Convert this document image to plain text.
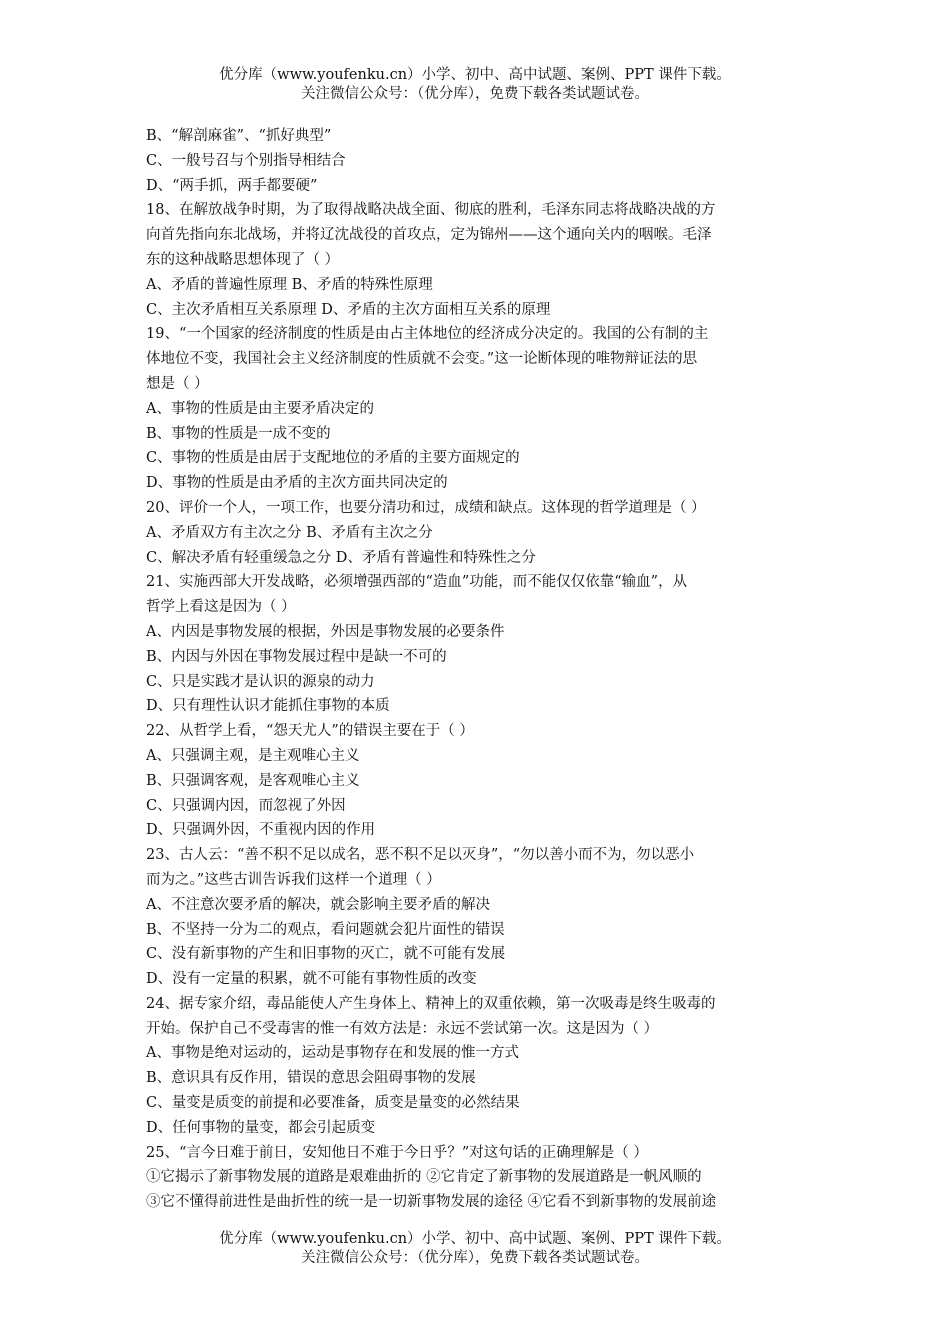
优分库（www.youfenku.cn）小学、初中、高中试题、案例、PPT 课件下载。
关注微信公众号：（优分库），免费下载各类试题试卷。
B、“解剖麻雀”、“抓好典型”
C、一般号召与个别指导相结合
D、“两手抓，两手都要硬”
18、在解放战争时期，为了取得战略决战全面、彻底的胜利，毛泽东同志将战略决战的方
向首先指向东北战场，并将辽沈战役的首攻点，定为锦州——这个通向关内的咽喉。毛泽
东的这种战略思想体现了（ ）
A、矛盾的普遍性原理 B、矛盾的特殊性原理
C、主次矛盾相互关系原理 D、矛盾的主次方面相互关系的原理
19、“一个国家的经济制度的性质是由占主体地位的经济成分决定的。我国的公有制的主
体地位不变，我国社会主义经济制度的性质就不会变。”这一论断体现的唯物辩证法的思
想是（ ）
A、事物的性质是由主要矛盾决定的
B、事物的性质是一成不变的
C、事物的性质是由居于支配地位的矛盾的主要方面规定的
D、事物的性质是由矛盾的主次方面共同决定的
20、评价一个人，一项工作，也要分清功和过，成绩和缺点。这体现的哲学道理是（ ）
A、矛盾双方有主次之分 B、矛盾有主次之分
C、解决矛盾有轻重缓急之分 D、矛盾有普遍性和特殊性之分
21、实施西部大开发战略，必须增强西部的“造血”功能，而不能仅仅依靠“输血”，从
哲学上看这是因为（ ）
A、内因是事物发展的根据，外因是事物发展的必要条件
B、内因与外因在事物发展过程中是缺一不可的
C、只是实践才是认识的源泉的动力
D、只有理性认识才能抓住事物的本质
22、从哲学上看，“怨天尤人”的错误主要在于（ ）
A、只强调主观，是主观唯心主义
B、只强调客观，是客观唯心主义
C、只强调内因，而忽视了外因
D、只强调外因，不重视内因的作用
23、古人云：“善不积不足以成名，恶不积不足以灭身”，“勿以善小而不为，勿以恶小
而为之。”这些古训告诉我们这样一个道理（ ）
A、不注意次要矛盾的解决，就会影响主要矛盾的解决
B、不坚持一分为二的观点，看问题就会犯片面性的错误
C、没有新事物的产生和旧事物的灭亡，就不可能有发展
D、没有一定量的积累，就不可能有事物性质的改变
24、据专家介绍，毒品能使人产生身体上、精神上的双重依赖，第一次吸毒是终生吸毒的
开始。保护自己不受毒害的惟一有效方法是：永远不尝试第一次。这是因为（ ）
A、事物是绝对运动的，运动是事物存在和发展的惟一方式
B、意识具有反作用，错误的意思会阻碍事物的发展
C、量变是质变的前提和必要准备，质变是量变的必然结果
D、任何事物的量变，都会引起质变
25、“言今日难于前日，安知他日不难于今日乎？”对这句话的正确理解是（ ）
①它揭示了新事物发展的道路是艰难曲折的 ②它肯定了新事物的发展道路是一帆风顺的
③它不懂得前进性是曲折性的统一是一切新事物发展的途径 ④它看不到新事物的发展前途
优分库（www.youfenku.cn）小学、初中、高中试题、案例、PPT 课件下载。
关注微信公众号：（优分库），免费下载各类试题试卷。
